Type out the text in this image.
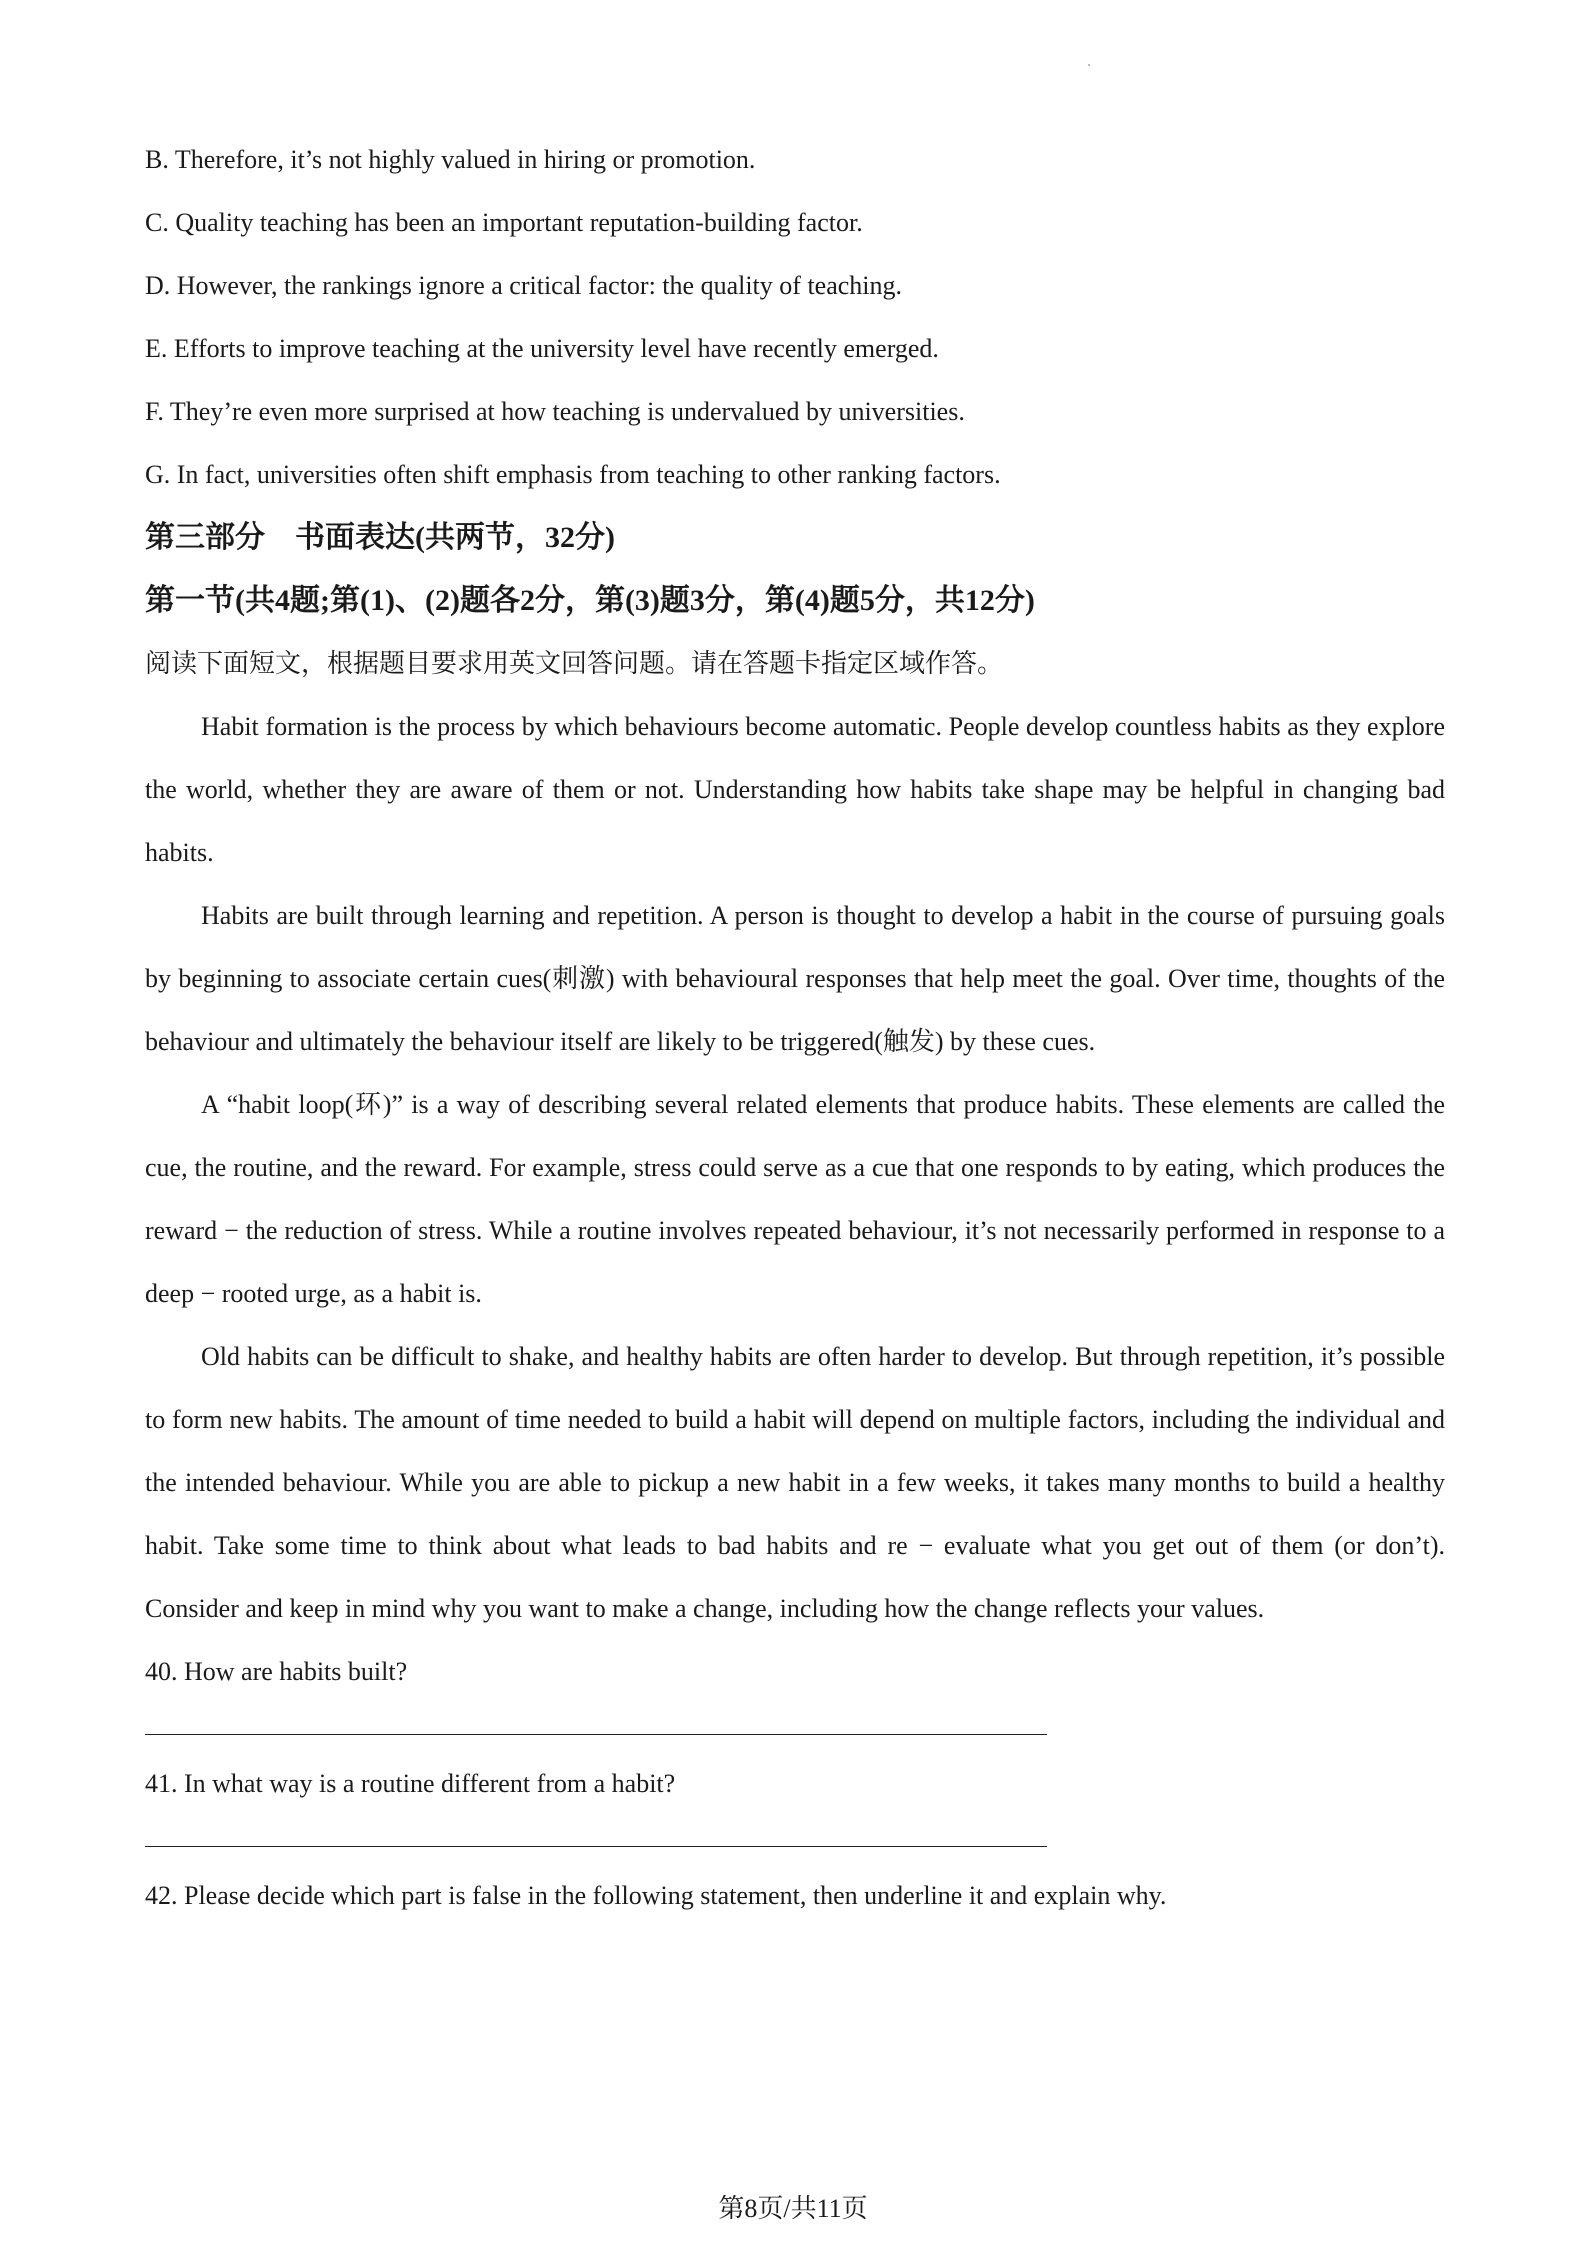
B. Therefore, it’s not highly valued in hiring or promotion.

C. Quality teaching has been an important reputation-building factor.

D. However, the rankings ignore a critical factor: the quality of teaching.

E. Efforts to improve teaching at the university level have recently emerged.

F. They’re even more surprised at how teaching is undervalued by universities.

G. In fact, universities often shift emphasis from teaching to other ranking factors.

第三部分　书面表达(共两节，32分)

第一节(共4题;第(1)、(2)题各2分，第(3)题3分，第(4)题5分，共12分)

阅读下面短文，根据题目要求用英文回答问题。请在答题卡指定区域作答。

Habit formation is the process by which behaviours become automatic. People develop countless habits as they explore the world, whether they are aware of them or not. Understanding how habits take shape may be helpful in changing bad habits.

Habits are built through learning and repetition. A person is thought to develop a habit in the course of pursuing goals by beginning to associate certain cues(刺激) with behavioural responses that help meet the goal. Over time, thoughts of the behaviour and ultimately the behaviour itself are likely to be triggered(触发) by these cues.

A “habit loop(环)” is a way of describing several related elements that produce habits. These elements are called the cue, the routine, and the reward. For example, stress could serve as a cue that one responds to by eating, which produces the reward − the reduction of stress. While a routine involves repeated behaviour, it’s not necessarily performed in response to a deep − rooted urge, as a habit is.

Old habits can be difficult to shake, and healthy habits are often harder to develop. But through repetition, it’s possible to form new habits. The amount of time needed to build a habit will depend on multiple factors, including the individual and the intended behaviour. While you are able to pickup a new habit in a few weeks, it takes many months to build a healthy habit. Take some time to think about what leads to bad habits and re − evaluate what you get out of them (or don’t). Consider and keep in mind why you want to make a change, including how the change reflects your values.

40. How are habits built?

41. In what way is a routine different from a habit?

42. Please decide which part is false in the following statement, then underline it and explain why.

第8页/共11页
